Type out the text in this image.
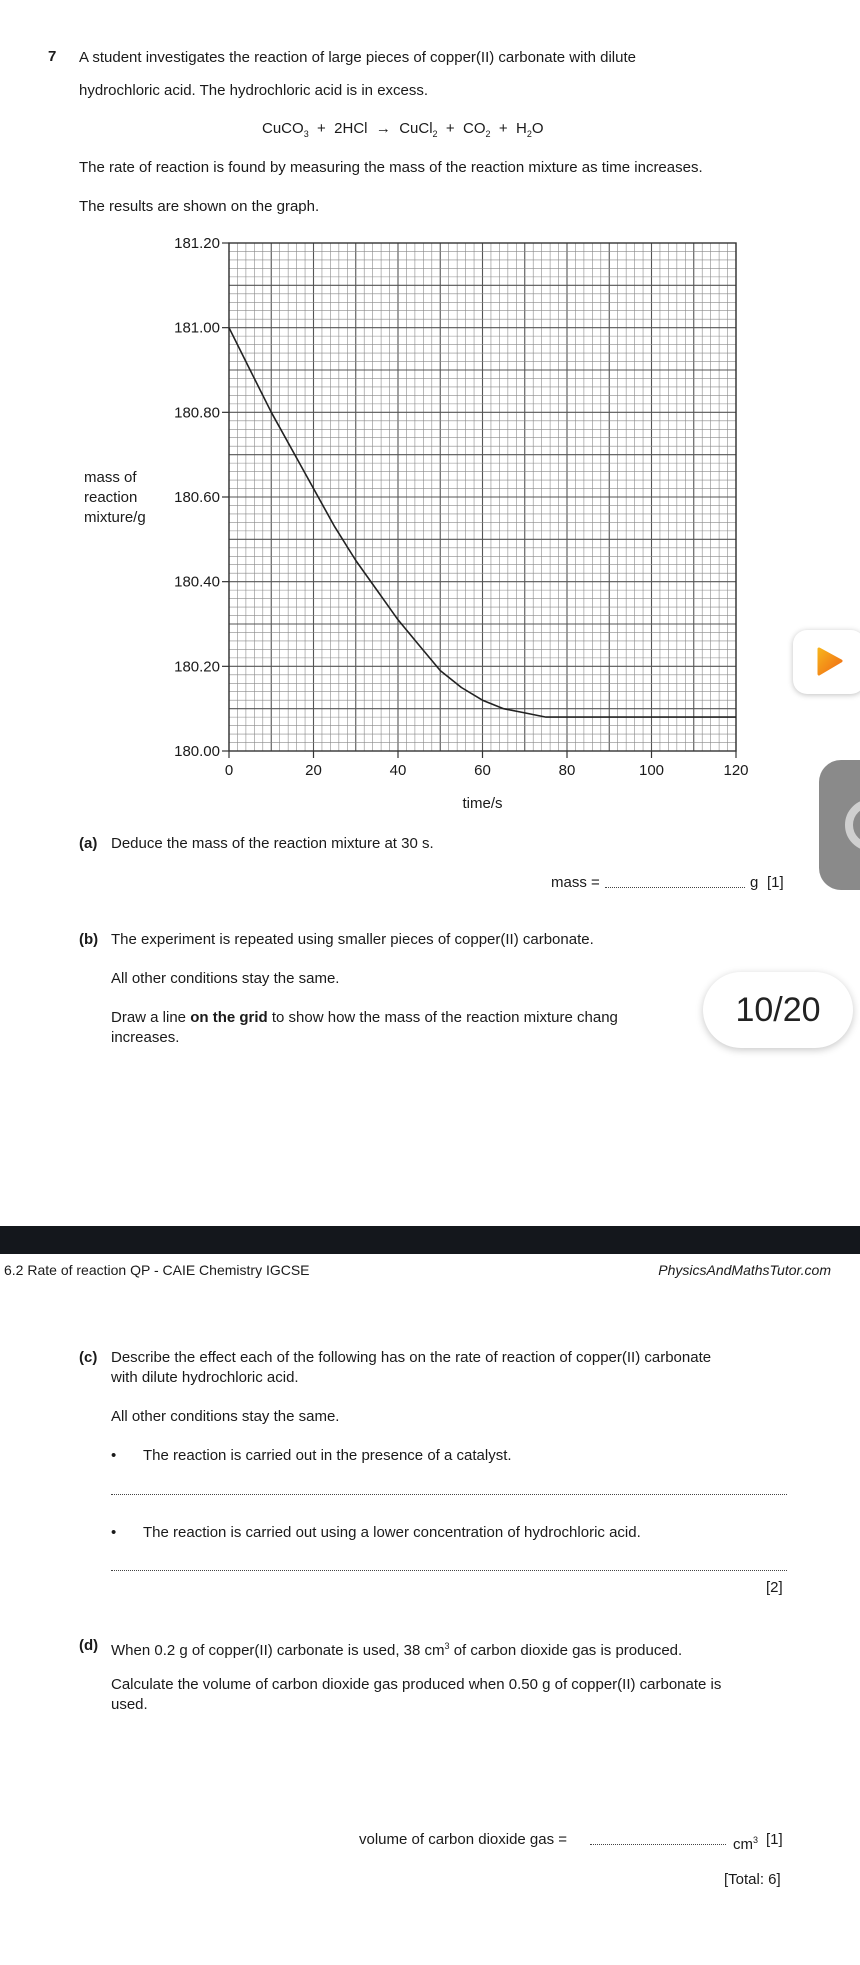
7 A student investigates the reaction of large pieces of copper(II) carbonate with dilute
hydrochloric acid. The hydrochloric acid is in excess.
CuCO$_3$ + 2HCl → CuCl$_2$ + $CO_2 + H_2O$
The rate of reaction is found by measuring the mass of the reaction mixture as time increases.
The results are shown on the graph.
0	20	40	60	80	100	120
180.00
180.20
180.40
180.60
180.80
181.00
181.20
time/s
mass of
reaction
mixture/g
(a) Deduce the mass of the reaction mixture at 30 s.
mass =	g [1]
(b) The experiment is repeated using smaller pieces of copper(II) carbonate.
All other conditions stay the same.
Draw a line on the grid to show how the mass of the reaction mixture chang
increases.
10/20
6.2 Rate of reaction QP - CAIE Chemistry IGCSE	PhysicsAndMathsTutor.com
(c) Describe the effect each of the following has on the rate of reaction of copper(II) carbonate
with dilute hydrochloric acid.
All other conditions stay the same.
• The reaction is carried out in the presence of a catalyst.
• The reaction is carried out using a lower concentration of hydrochloric acid.
[2]
(d) When 0.2 g of copper(II) carbonate is used, 38 $cm^3$ of carbon dioxide gas is produced.
Calculate the volume of carbon dioxide gas produced when 0.50 g of copper(II) carbonate is
used.
volume of carbon dioxide gas =	$cm^3$ [1]
[Total: 6]
